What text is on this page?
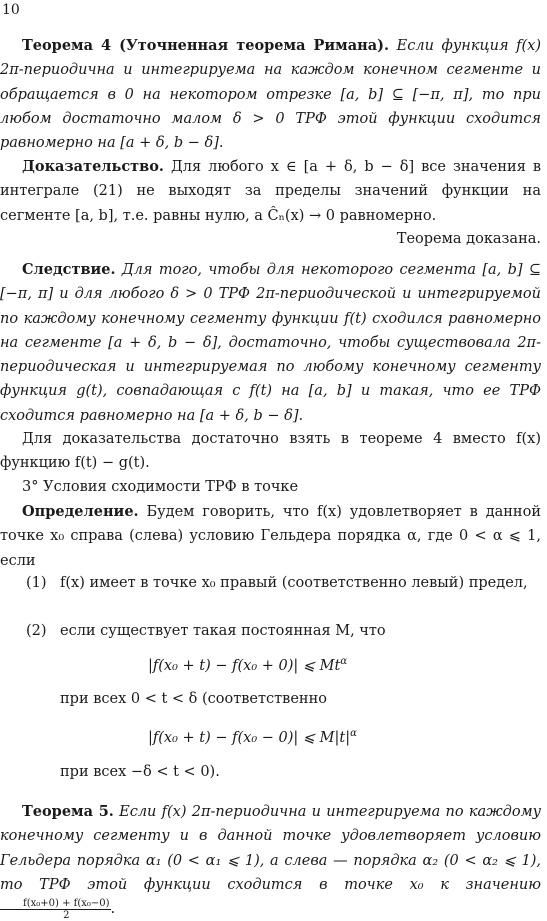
10
Теорема 4 (Уточненная теорема Римана). Если функция f(x) 2π-периодична и интегрируема на каждом конечном сегменте и обращается в 0 на некотором отрезке [a, b] ⊆ [−π, π], то при любом достаточно малом δ > 0 ТРФ этой функции сходится равномерно на [a + δ, b − δ].
Доказательство. Для любого x ∈ [a + δ, b − δ] все значения в интеграле (21) не выходят за пределы значений функции на сегменте [a, b], т.е. равны нулю, а Ĉₙ(x) → 0 равномерно.
Теорема доказана.
Следствие. Для того, чтобы для некоторого сегмента [a, b] ⊆ [−π, π] и для любого δ > 0 ТРФ 2π-периодической и интегрируемой по каждому конечному сегменту функции f(t) сходился равномерно на сегменте [a + δ, b − δ], достаточно, чтобы существовала 2π-периодическая и интегрируемая по любому конечному сегменту функция g(t), совпадающая с f(t) на [a, b] и такая, что ее ТРФ сходится равномерно на [a + δ, b − δ].
Для доказательства достаточно взять в теореме 4 вместо f(x) функцию f(t) − g(t).
3° Условия сходимости ТРФ в точке
Определение. Будем говорить, что f(x) удовлетворяет в данной точке x₀ справа (слева) условию Гельдера порядка α, где 0 < α ⩽ 1, если
(1) f(x) имеет в точке x₀ правый (соответственно левый) предел,
(2) если существует такая постоянная M, что
|f(x₀ + t) − f(x₀ + 0)| ⩽ $Mt^\alpha$
при всех 0 < t < δ (соответственно
|f(x₀ + t) − f(x₀ − 0)| ⩽ $M|t|^\alpha$
при всех −δ < t < 0).
Теорема 5. Если f(x) 2π-периодична и интегрируема по каждому конечному сегменту и в данной точке удовлетворяет условию Гельдера порядка α₁ (0 < α₁ ⩽ 1), а слева — порядка α₂ (0 < α₂ ⩽ 1), то ТРФ этой функции сходится в точке x₀ к значению
$\frac{\text{f(x₀+0) + f(x₀−0)}}{2}$ .
